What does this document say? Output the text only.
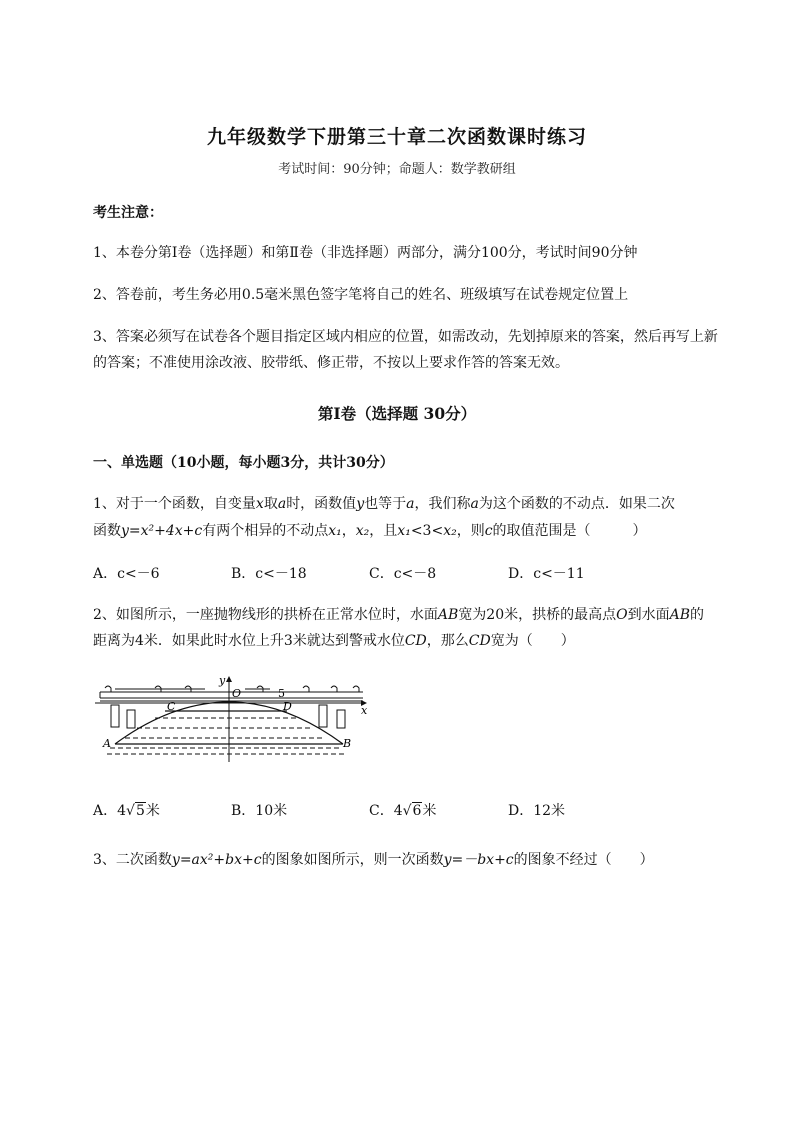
九年级数学下册第三十章二次函数课时练习
考试时间：90分钟；命题人：数学教研组
考生注意：
1、本卷分第Ⅰ卷（选择题）和第Ⅱ卷（非选择题）两部分，满分100分，考试时间90分钟
2、答卷前，考生务必用0.5毫米黑色签字笔将自己的姓名、班级填写在试卷规定位置上
3、答案必须写在试卷各个题目指定区域内相应的位置，如需改动，先划掉原来的答案，然后再写上新
的答案；不准使用涂改液、胶带纸、修正带，不按以上要求作答的答案无效。
第Ⅰ卷（选择题 30分）
一、单选题（10小题，每小题3分，共计30分）
1、对于一个函数，自变量x取a时，函数值y也等于a，我们称a为这个函数的不动点．如果二次
函数y=x²+4x+c有两个相异的不动点x₁，x₂，且x₁<3<x₂，则c的取值范围是（　　　）
A．c<－6	B．c<－18	C．c<－8	D．c<－11
2、如图所示，一座抛物线形的拱桥在正常水位时，水面AB宽为20米，拱桥的最高点O到水面AB的
距离为4米．如果此时水位上升3米就达到警戒水位CD，那么CD宽为（　　）
y
O	5
x
C	D
A	B
A．4√5米	B．10米	C．4√6米	D．12米
3、二次函数y=ax²+bx+c的图象如图所示，则一次函数y=－bx+c的图象不经过（　　）
